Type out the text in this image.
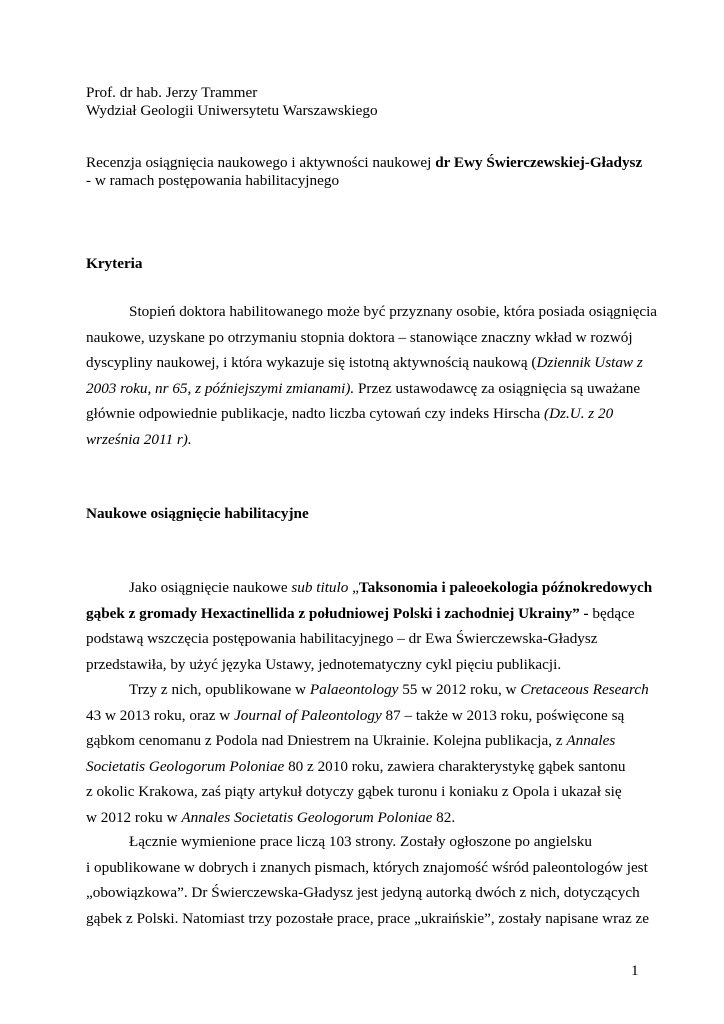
Prof. dr hab. Jerzy Trammer
Wydział Geologii Uniwersytetu Warszawskiego
Recenzja osiągnięcia naukowego i aktywności naukowej dr Ewy Świerczewskiej-Gładysz
- w ramach postępowania habilitacyjnego
Kryteria
Stopień doktora habilitowanego może być przyznany osobie, która posiada osiągnięcia
naukowe, uzyskane po otrzymaniu stopnia doktora – stanowiące znaczny wkład w rozwój
dyscypliny naukowej, i która wykazuje się istotną aktywnością naukową (Dziennik Ustaw z
2003 roku, nr 65, z późniejszymi zmianami). Przez ustawodawcę za osiągnięcia są uważane
głównie odpowiednie publikacje, nadto liczba cytowań czy indeks Hirscha (Dz.U. z 20
września 2011 r).
Naukowe osiągnięcie habilitacyjne
Jako osiągnięcie naukowe sub titulo „Taksonomia i paleoekologia późnokredowych
gąbek z gromady Hexactinellida z południowej Polski i zachodniej Ukrainy” - będące
podstawą wszczęcia postępowania habilitacyjnego – dr Ewa Świerczewska-Gładysz
przedstawiła, by użyć języka Ustawy, jednotematyczny cykl pięciu publikacji.
Trzy z nich, opublikowane w Palaeontology 55 w 2012 roku, w Cretaceous Research
43 w 2013 roku, oraz w Journal of Paleontology 87 – także w 2013 roku, poświęcone są
gąbkom cenomanu z Podola nad Dniestrem na Ukrainie. Kolejna publikacja, z Annales
Societatis Geologorum Poloniae 80 z 2010 roku, zawiera charakterystykę gąbek santonu
z okolic Krakowa, zaś piąty artykuł dotyczy gąbek turonu i koniaku z Opola i ukazał się
w 2012 roku w Annales Societatis Geologorum Poloniae 82.
Łącznie wymienione prace liczą 103 strony. Zostały ogłoszone po angielsku
i opublikowane w dobrych i znanych pismach, których znajomość wśród paleontologów jest
„obowiązkowa”. Dr Świerczewska-Gładysz jest jedyną autorką dwóch z nich, dotyczących
gąbek z Polski. Natomiast trzy pozostałe prace, prace „ukraińskie”, zostały napisane wraz ze
1
